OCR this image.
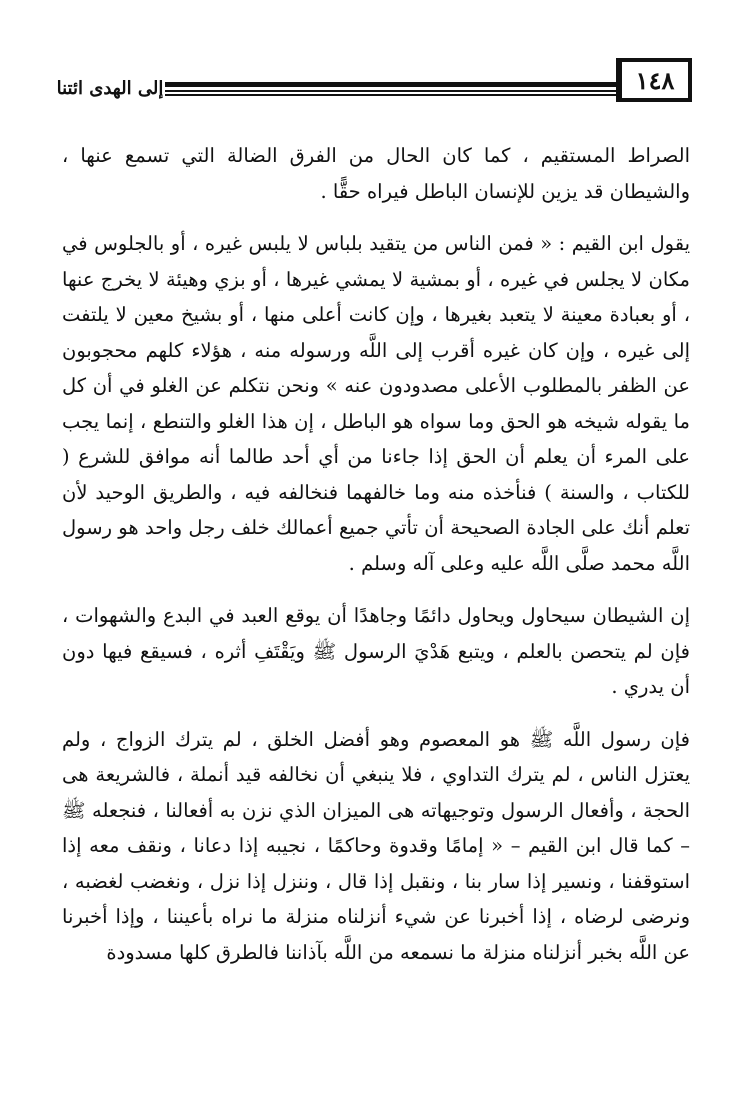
١٤٨
إلى الهدى ائتنا

الصراط المستقيم ، كما كان الحال من الفرق الضالة التي تسمع عنها ، والشيطان قد يزين للإنسان الباطل فيراه حقًّا .

يقول ابن القيم : « فمن الناس من يتقيد بلباس لا يلبس غيره ، أو بالجلوس في مكان لا يجلس في غيره ، أو بمشية لا يمشي غيرها ، أو بزي وهيئة لا يخرج عنها ، أو بعبادة معينة لا يتعبد بغيرها ، وإن كانت أعلى منها ، أو بشيخ معين لا يلتفت إلى غيره ، وإن كان غيره أقرب إلى اللَّه ورسوله منه ، هؤلاء كلهم محجوبون عن الظفر بالمطلوب الأعلى مصدودون عنه » ونحن نتكلم عن الغلو في أن كل ما يقوله شيخه هو الحق وما سواه هو الباطل ، إن هذا الغلو والتنطع ، إنما يجب على المرء أن يعلم أن الحق إذا جاءنا من أي أحد طالما أنه موافق للشرع ( للكتاب ، والسنة ) فنأخذه منه وما خالفهما فنخالفه فيه ، والطريق الوحيد لأن تعلم أنك على الجادة الصحيحة أن تأتي جميع أعمالك خلف رجل واحد هو رسول اللَّه محمد صلَّى اللَّه عليه وعلى آله وسلم .

إن الشيطان سيحاول ويحاول دائمًا وجاهدًا أن يوقع العبد في البدع والشهوات ، فإن لم يتحصن بالعلم ، ويتبع هَدْيَ الرسول ﷺ ويَقْتَفِ أثره ، فسيقع فيها دون أن يدري .

فإن رسول اللَّه ﷺ هو المعصوم وهو أفضل الخلق ، لم يترك الزواج ، ولم يعتزل الناس ، لم يترك التداوي ، فلا ينبغي أن نخالفه قيد أنملة ، فالشريعة هى الحجة ، وأفعال الرسول وتوجيهاته هى الميزان الذي نزن به أفعالنا ، فنجعله ﷺ – كما قال ابن القيم – « إمامًا وقدوة وحاكمًا ، نجيبه إذا دعانا ، ونقف معه إذا استوقفنا ، ونسير إذا سار بنا ، ونقبل إذا قال ، وننزل إذا نزل ، ونغضب لغضبه ، ونرضى لرضاه ، إذا أخبرنا عن شيء أنزلناه منزلة ما نراه بأعيننا ، وإذا أخبرنا عن اللَّه بخبر أنزلناه منزلة ما نسمعه من اللَّه بآذاننا فالطرق كلها مسدودة
